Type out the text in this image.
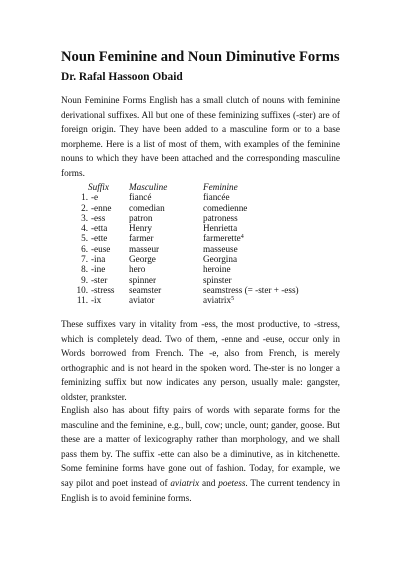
Noun Feminine and Noun Diminutive Forms
Dr. Rafal Hassoon Obaid

Noun Feminine Forms English has a small clutch of nouns with feminine
derivational suffixes. All but one of these feminizing suffixes (-ster) are of
foreign origin. They have been added to a masculine form or to a base
morpheme. Here is a list of most of them, with examples of the feminine
nouns to which they have been attached and the corresponding masculine
forms.

Suffix Masculine	Feminine
1. -e	fiancé	fiancée
2. -enne comedian	comedienne
3. -ess	patron	patroness
4. -etta Henry	Henrietta
5. -ette farmer	farmerette$^4$
6. -euse masseur	masseuse
7. -ina	George	Georgina
8. -ine	hero	heroine
9. -ster spinner	spinster
10. -stress seamster	seamstress (= -ster + -ess)
11. -ix	aviator	aviatrix$^5$

These suffixes vary in vitality from -ess, the most productive, to -stress,
which is completely dead. Two of them, -enne and -euse, occur only in
Words borrowed from French. The -e, also from French, is merely
orthographic and is not heard in the spoken word. The-ster is no longer a
feminizing suffix but now indicates any person, usually male: gangster,
oldster, prankster.

English also has about fifty pairs of words with separate forms for the
masculine and the feminine, e.g., bull, cow; uncle, ount; gander, goose. But
these are a matter of lexicography rather than morphology, and we shall
pass them by. The suffix -ette can also be a diminutive, as in kitchenette.
Some feminine forms have gone out of fashion. Today, for example, we
say pilot and poet instead of aviatrix and poetess. The current tendency in
English is to avoid feminine forms.
